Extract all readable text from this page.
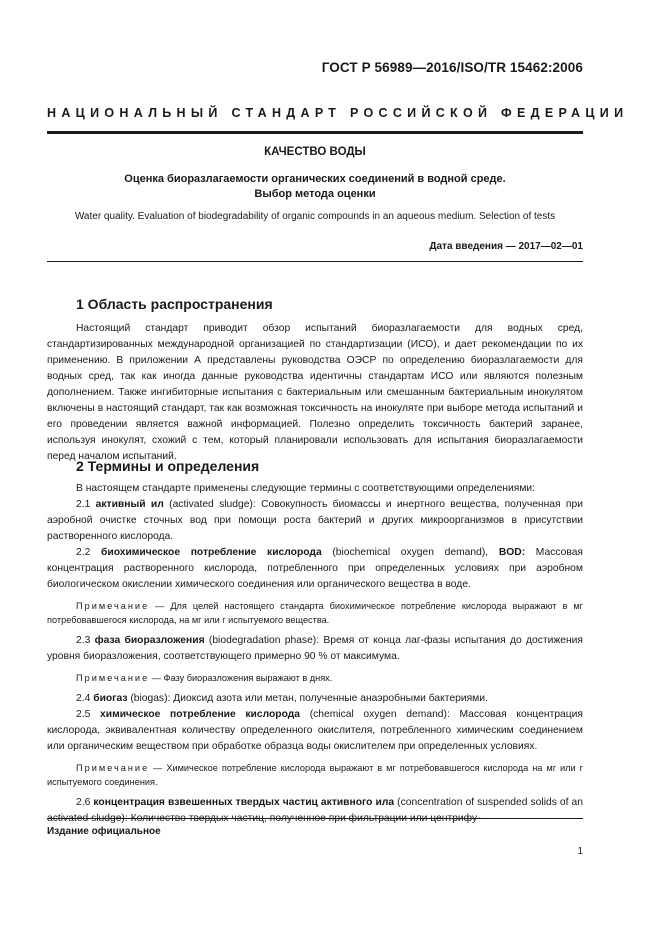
ГОСТ Р 56989—2016/ISO/TR 15462:2006
НАЦИОНАЛЬНЫЙ СТАНДАРТ РОССИЙСКОЙ ФЕДЕРАЦИИ
КАЧЕСТВО ВОДЫ
Оценка биоразлагаемости органических соединений в водной среде.
Выбор метода оценки
Water quality. Evaluation of biodegradability of organic compounds in an aqueous medium. Selection of tests
Дата введения — 2017—02—01
1 Область распространения

Настоящий стандарт приводит обзор испытаний биоразлагаемости для водных сред, стандартизированных международной организацией по стандартизации (ИСО), и дает рекомендации по их применению. В приложении А представлены руководства ОЭСР по определению биоразлагаемости для водных сред, так как иногда данные руководства идентичны стандартам ИСО или являются полезным дополнением. Также ингибиторные испытания с бактериальным или смешанным бактериальным инокулятом включены в настоящий стандарт, так как возможная токсичность на инокуляте при выборе метода испытаний и его проведении является важной информацией. Полезно определить токсичность бактерий заранее, используя инокулят, схожий с тем, который планировали использовать для испытания биоразлагаемости перед началом испытаний.

2 Термины и определения

В настоящем стандарте применены следующие термины с соответствующими определениями:

2.1 активный ил (activated sludge): Совокупность биомассы и инертного вещества, полученная при аэробной очистке сточных вод при помощи роста бактерий и других микроорганизмов в присутствии растворенного кислорода.

2.2 биохимическое потребление кислорода (biochemical oxygen demand), BOD: Массовая концентрация растворенного кислорода, потребленного при определенных условиях при аэробном биологическом окислении химического соединения или органического вещества в воде.

Примечание — Для целей настоящего стандарта биохимическое потребление кислорода выражают в мг потребовавшегося кислорода, на мг или г испытуемого вещества.

2.3 фаза биоразложения (biodegradation phase): Время от конца лаг-фазы испытания до достижения уровня биоразложения, соответствующего примерно 90 % от максимума.

Примечание — Фазу биоразложения выражают в днях.

2.4 биогаз (biogas): Диоксид азота или метан, полученные анаэробными бактериями.

2.5 химическое потребление кислорода (chemical oxygen demand): Массовая концентрация кислорода, эквивалентная количеству определенного окислителя, потребленного химическим соединением или органическим веществом при обработке образца воды окислителем при определенных условиях.

Примечание — Химическое потребление кислорода выражают в мг потребовавшегося кислорода на мг или г испытуемого соединения.

2.6 концентрация взвешенных твердых частиц активного ила (concentration of suspended solids of an

Издание официальное
1
